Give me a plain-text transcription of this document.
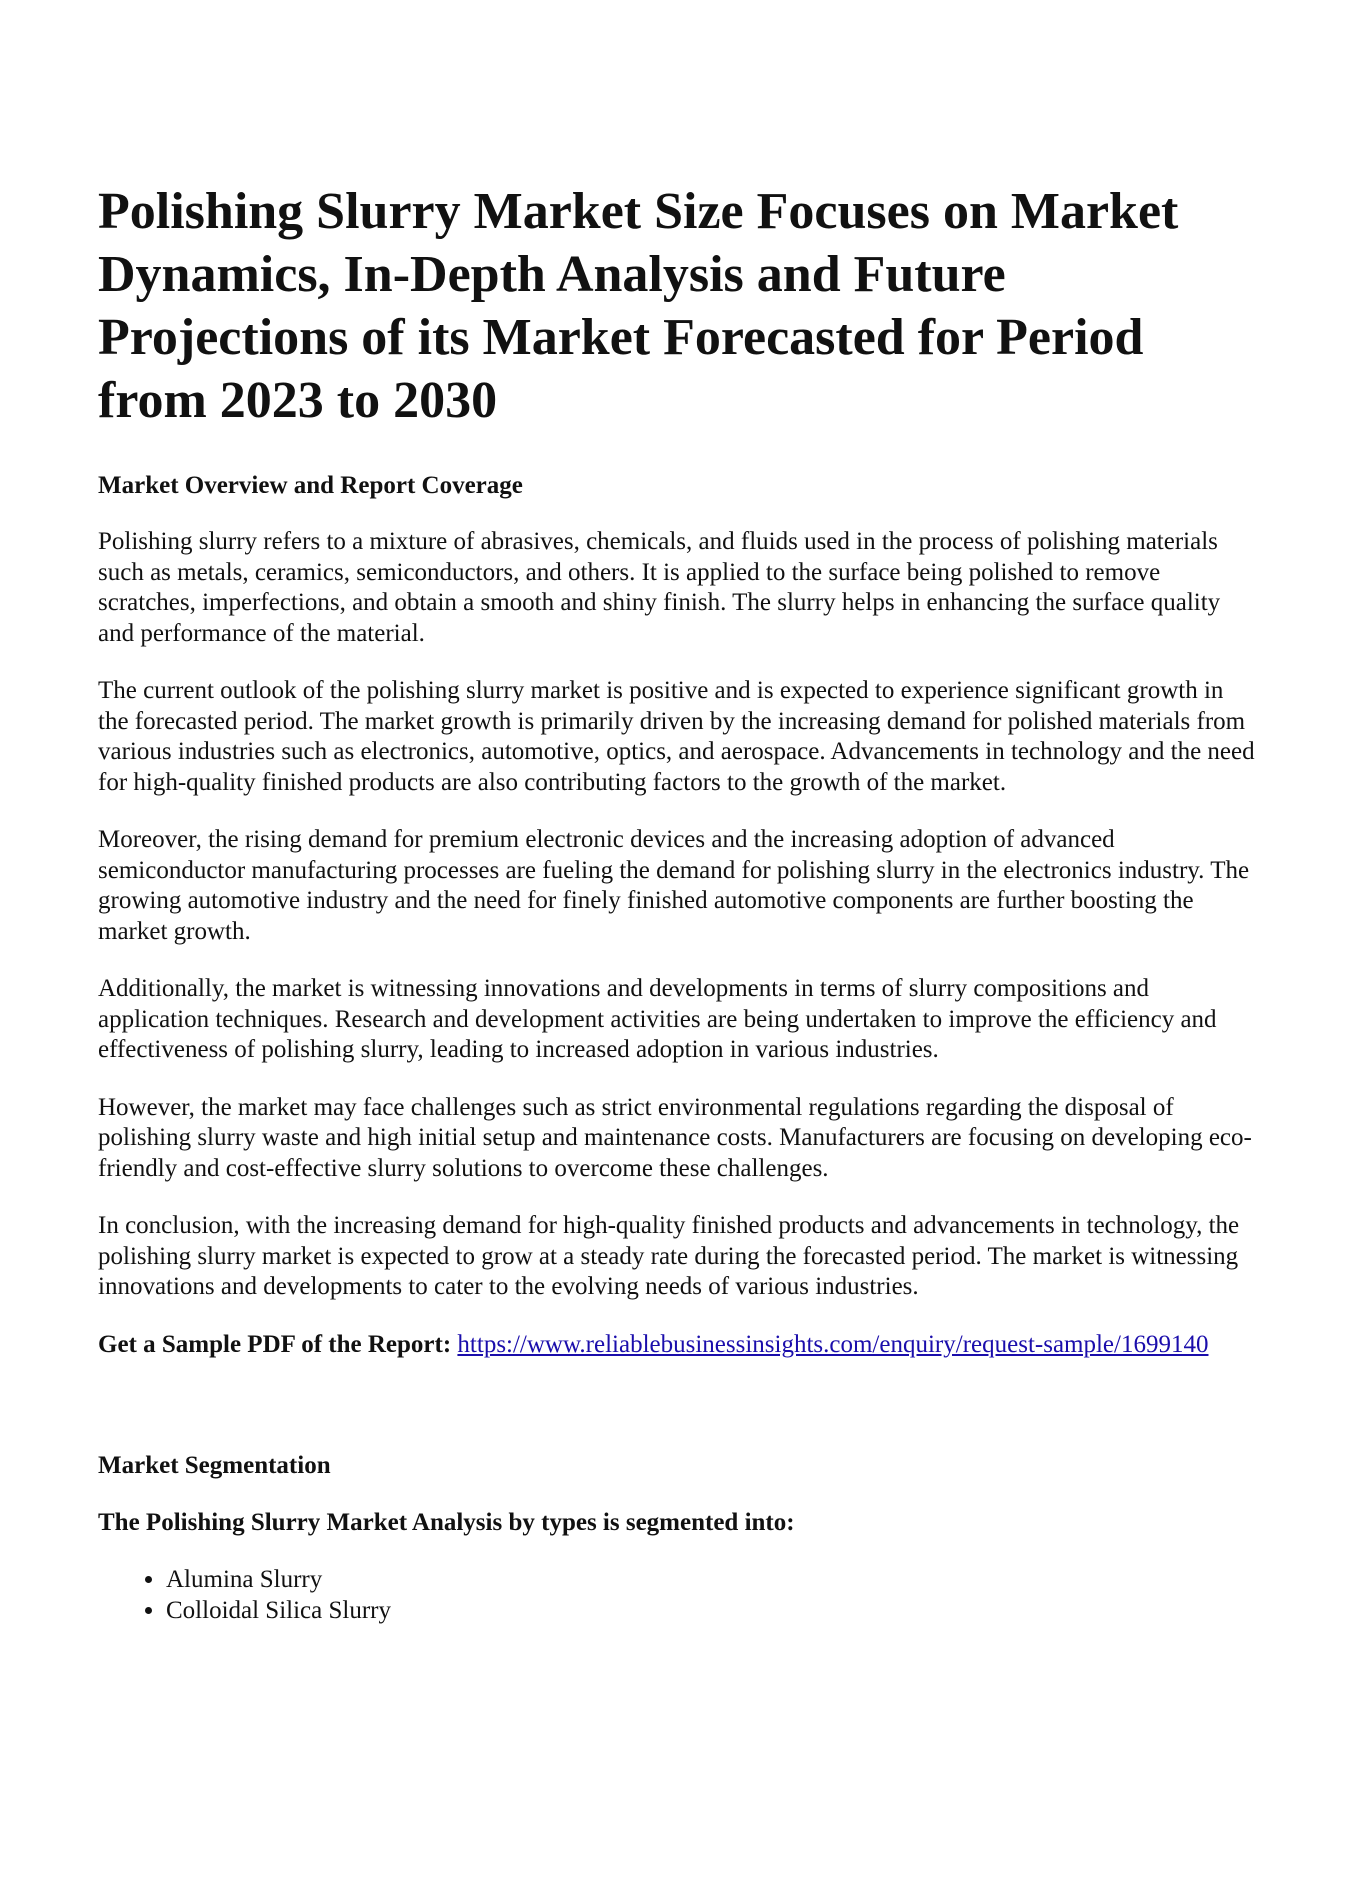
Polishing Slurry Market Size Focuses on Market Dynamics, In-Depth Analysis and Future Projections of its Market Forecasted for Period from 2023 to 2030
Market Overview and Report Coverage

Polishing slurry refers to a mixture of abrasives, chemicals, and fluids used in the process of polishing materials such as metals, ceramics, semiconductors, and others. It is applied to the surface being polished to remove scratches, imperfections, and obtain a smooth and shiny finish. The slurry helps in enhancing the surface quality and performance of the material.

The current outlook of the polishing slurry market is positive and is expected to experience significant growth in the forecasted period. The market growth is primarily driven by the increasing demand for polished materials from various industries such as electronics, automotive, optics, and aerospace. Advancements in technology and the need for high-quality finished products are also contributing factors to the growth of the market.

Moreover, the rising demand for premium electronic devices and the increasing adoption of advanced semiconductor manufacturing processes are fueling the demand for polishing slurry in the electronics industry. The growing automotive industry and the need for finely finished automotive components are further boosting the market growth.

Additionally, the market is witnessing innovations and developments in terms of slurry compositions and application techniques. Research and development activities are being undertaken to improve the efficiency and effectiveness of polishing slurry, leading to increased adoption in various industries.

However, the market may face challenges such as strict environmental regulations regarding the disposal of polishing slurry waste and high initial setup and maintenance costs. Manufacturers are focusing on developing eco-friendly and cost-effective slurry solutions to overcome these challenges.

In conclusion, with the increasing demand for high-quality finished products and advancements in technology, the polishing slurry market is expected to grow at a steady rate during the forecasted period. The market is witnessing innovations and developments to cater to the evolving needs of various industries.

Get a Sample PDF of the Report: https://www.reliablebusinessinsights.com/enquiry/request-sample/1699140

Market Segmentation
The Polishing Slurry Market Analysis by types is segmented into:
• Alumina Slurry
• Colloidal Silica Slurry
